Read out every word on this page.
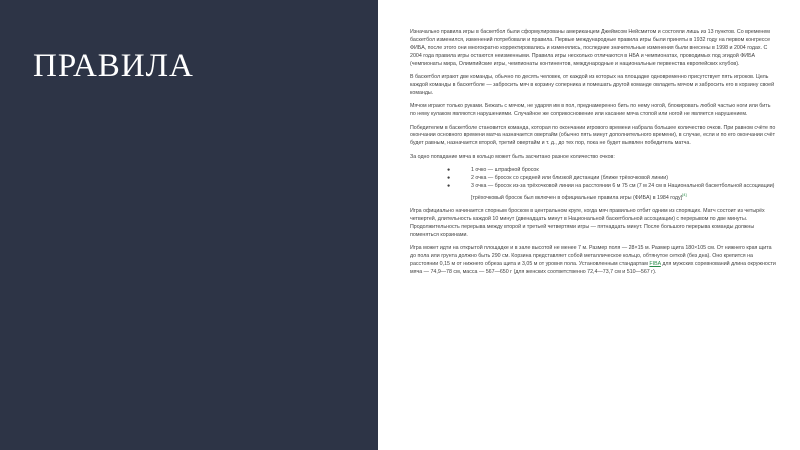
ПРАВИЛА

Изначально правила игры в баскетбол были сформулированы американцем Джеймсом Нейсмитом и состояли лишь из 13 пунктов. Со временем баскетбол изменился, изменений потребовали и правила. Первые международные правила игры были приняты в 1932 году на первом конгрессе ФИБА, после этого они многократно корректировались и изменялись, последние значительные изменения были внесены в 1998 и 2004 годах. С 2004 года правила игры остаются неизменными. Правила игры несколько отличаются в НБА и чемпионатах, проводимых под эгидой ФИБА (чемпионаты мира, Олимпийские игры, чемпионаты континентов, международные и национальные первенства европейских клубов).

В баскетбол играют две команды, обычно по десять человек, от каждой из которых на площадке одновременно присутствует пять игроков. Цель каждой команды в баскетболе — забросить мяч в корзину соперника и помешать другой команде овладеть мячом и забросить его в корзину своей команды.

Мячом играют только руками. Бежать с мячом, не ударяя им в пол, преднамеренно бить по нему ногой, блокировать любой частью ноги или бить по нему кулаком являются нарушениями. Случайное же соприкосновение или касание мяча стопой или ногой не является нарушением.

Победителем в баскетболе становится команда, которая по окончании игрового времени набрала большее количество очков. При равном счёте по окончании основного времени матча назначается овертайм (обычно пять минут дополнительного времени), в случае, если и по его окончании счёт будет равным, назначается второй, третий овертайм и т. д., до тех пор, пока не будет выявлен победитель матча.

За одно попадание мяча в кольцо может быть засчитано разное количество очков:

●	1 очко — штрафной бросок
●	2 очка — бросок со средней или близкой дистанции (ближе трёхочковой линии)
●	3 очка — бросок из-за трёхочковой линии на расстоянии 6 м 75 см (7 м 24 см в Национальной баскетбольной ассоциации) [трёхочковый бросок был включен в официальные правила игры (ФИБА) в 1984 году][4]

Игра официально начинается спорным броском в центральном круге, когда мяч правильно отбит одним из спорящих. Матч состоит из четырёх четвертей, длительность каждой 10 минут (двенадцать минут в Национальной баскетбольной ассоциации) с перерывом по две минуты. Продолжительность перерыва между второй и третьей четвертями игры — пятнадцать минут. После большого перерыва команды должны поменяться корзинами.

Игра может идти на открытой площадке и в зале высотой не менее 7 м. Размер поля — 28×15 м. Размер щита 180×105 см. От нижнего края щита до пола или грунта должно быть 290 см. Корзина представляет собой металлическое кольцо, обтянутое сеткой (без дна). Оно крепится на расстоянии 0,15 м от нижнего обреза щита и 3,05 м от уровня пола. Установленным стандартам FIBA для мужских соревнований длина окружности мяча — 74,9—78 см, масса — 567—650 г (для женских соответственно 72,4—73,7 см и 510—567 г).
